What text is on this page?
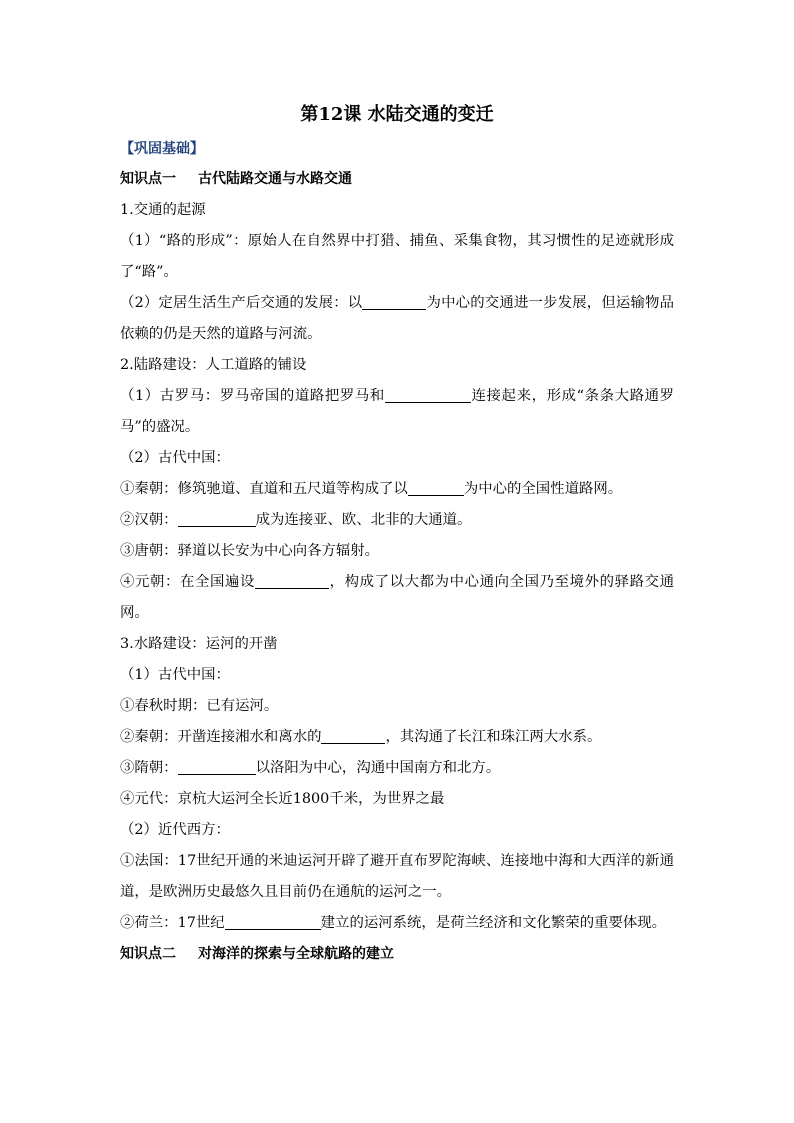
第12课 水陆交通的变迁
【巩固基础】
知识点一 古代陆路交通与水路交通

1.交通的起源

（1）“路的形成”：原始人在自然界中打猎、捕鱼、采集食物，其习惯性的足迹就形成了“路”。

（2）定居生活生产后交通的发展：以	为中心的交通进一步发展，但运输物品依赖的仍是天然的道路与河流。

2.陆路建设：人工道路的铺设

（1）古罗马：罗马帝国的道路把罗马和	连接起来，形成“条条大路通罗马”的盛况。

（2）古代中国：

①秦朝：修筑驰道、直道和五尺道等构成了以	为中心的全国性道路网。

②汉朝：	成为连接亚、欧、北非的大通道。

③唐朝：驿道以长安为中心向各方辐射。

④元朝：在全国遍设	，构成了以大都为中心通向全国乃至境外的驿路交通网。

3.水路建设：运河的开凿

（1）古代中国：

①春秋时期：已有运河。

②秦朝：开凿连接湘水和离水的	，其沟通了长江和珠江两大水系。

③隋朝：	以洛阳为中心，沟通中国南方和北方。

④元代：京杭大运河全长近1800千米，为世界之最

（2）近代西方：

①法国：17世纪开通的米迪运河开辟了避开直布罗陀海峡、连接地中海和大西洋的新通道，是欧洲历史最悠久且目前仍在通航的运河之一。

②荷兰：17世纪	建立的运河系统，是荷兰经济和文化繁荣的重要体现。

知识点二 对海洋的探索与全球航路的建立
